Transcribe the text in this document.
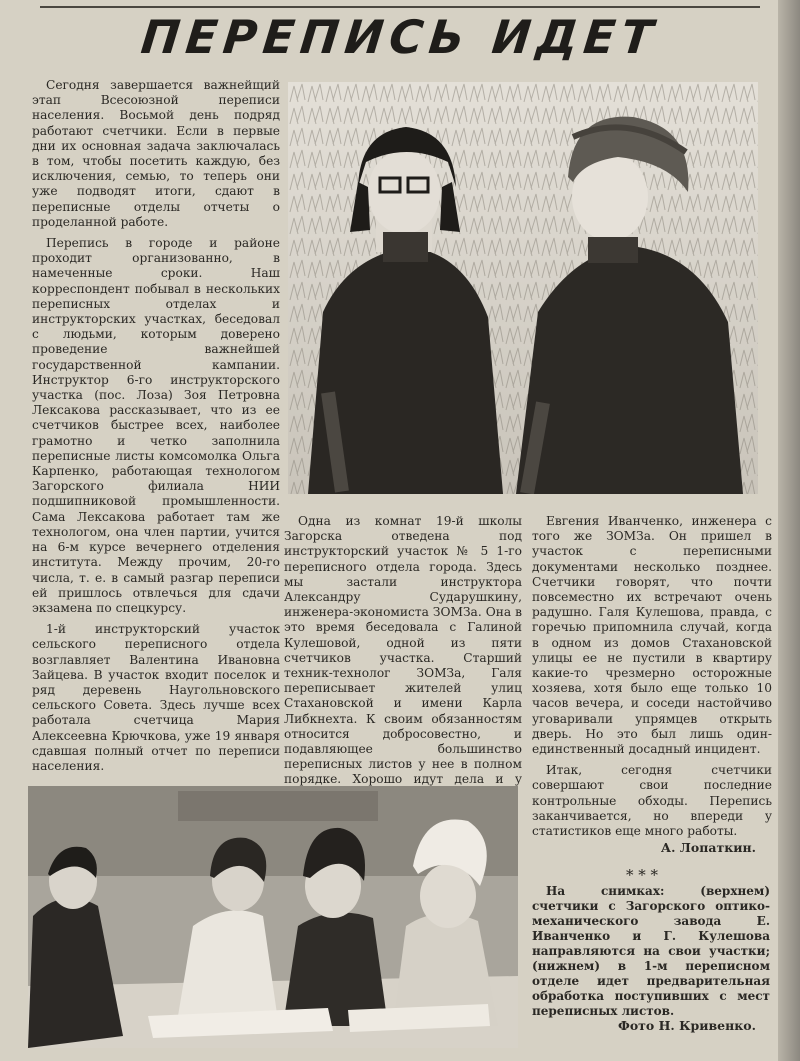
ПЕРЕПИСЬ ИДЕТ

Сегодня завершается важнейщий этап Всесоюзной переписи населения. Восьмой день подряд работают счетчики. Если в первые дни их основная задача заключалась в том, чтобы посетить каждую, без исключения, семью, то теперь они уже подводят итоги, сдают в переписные отделы отчеты о проделанной работе.

Перепись в городе и районе проходит организованно, в намеченные сроки. Наш корреспондент побывал в нескольких переписных отделах и инструкторских участках, беседовал с людьми, которым доверено проведение важнейшей государственной кампании. Инструктор 6-го инструкторского участка (пос. Лоза) Зоя Петровна Лексакова рассказывает, что из ее счетчиков быстрее всех, наиболее грамотно и четко заполнила переписные листы комсомолка Ольга Карпенко, работающая технологом Загорского филиала НИИ подшипниковой промышленности. Сама Лексакова работает там же технологом, она член партии, учится на 6-м курсе вечернего отделения института. Между прочим, 20-го числа, т. е. в самый разгар переписи ей пришлось отвлечься для сдачи экзамена по спецкурсу.

1-й инструкторский участок сельского переписного отдела возглавляет Валентина Ивановна Зайцева. В участок входит поселок и ряд деревень Наугольновского сельского Совета. Здесь лучше всех работала счетчица Мария Алексеевна Крючкова, уже 19 января сдавшая полный отчет по переписи населения.

Одна из комнат 19-й школы Загорска отведена под инструкторский участок № 5 1-го переписного отдела города. Здесь мы застали инструктора Александру Сударушкину, инженера-экономиста ЗОМЗа. Она в это время беседовала с Галиной Кулешовой, одной из пяти счетчиков участка. Старший техник-технолог ЗОМЗа, Галя переписывает жителей улиц Стахановской и имени Карла Либкнехта. К своим обязанностям относится добросовестно, и подавляющее большинство переписных листов у нее в полном порядке. Хорошо идут дела и у

Евгения Иванченко, инженера с того же ЗОМЗа. Он пришел в участок с переписными документами несколько позднее. Счетчики говорят, что почти повсеместно их встречают очень радушно. Галя Кулешова, правда, с горечью припомнила случай, когда в одном из домов Стахановской улицы ее не пустили в квартиру какие-то чрезмерно осторожные хозяева, хотя было еще только 10 часов вечера, и соседи настойчиво уговаривали упрямцев открыть дверь. Но это был лишь один-единственный досадный инцидент.

Итак, сегодня счетчики совершают свои последние контрольные обходы. Перепись заканчивается, но впереди у статистиков еще много работы.

А. Лопаткин.
* * *

На снимках: (верхнем) счетчики с Загорского оптико-механического завода Е. Иванченко и Г. Кулешова направляются на свои участки; (нижнем) в 1-м переписном отделе идет предварительная обработка поступивших с мест переписных листов.

Фото Н. Кривенко.
